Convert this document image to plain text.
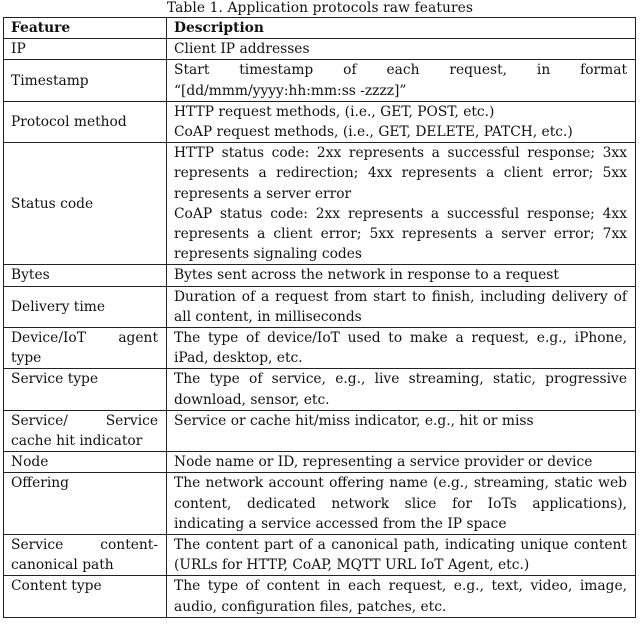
Table 1. Application protocols raw features

Feature	Description
IP	Client IP addresses

Timestamp	Start timestamp of each request, in format “[dd/mmm/yyyy:hh:mm:ss -zzzz]”

Protocol method	HTTP request methods, (i.e., GET, POST, etc.)
CoAP request methods, (i.e., GET, DELETE, PATCH, etc.)

Status code	HTTP status code: 2xx represents a successful response; 3xx represents a redirection; 4xx represents a client error; 5xx represents a server error
CoAP status code: 2xx represents a successful response; 4xx represents a client error; 5xx represents a server error; 7xx represents signaling codes

Bytes	Bytes sent across the network in response to a request

Delivery time	Duration of a request from start to finish, including delivery of all content, in milliseconds

Device/IoT agent type	The type of device/IoT used to make a request, e.g., iPhone, iPad, desktop, etc.

Service type	The type of service, e.g., live streaming, static, progressive download, sensor, etc.

Service/ Service cache hit indicator	Service or cache hit/miss indicator, e.g., hit or miss

Node	Node name or ID, representing a service provider or device

Offering	The network account offering name (e.g., streaming, static web content, dedicated network slice for IoTs applications), indicating a service accessed from the IP space

Service content-canonical path	The content part of a canonical path, indicating unique content (URLs for HTTP, CoAP, MQTT URL IoT Agent, etc.)

Content type	The type of content in each request, e.g., text, video, image, audio, configuration files, patches, etc.
